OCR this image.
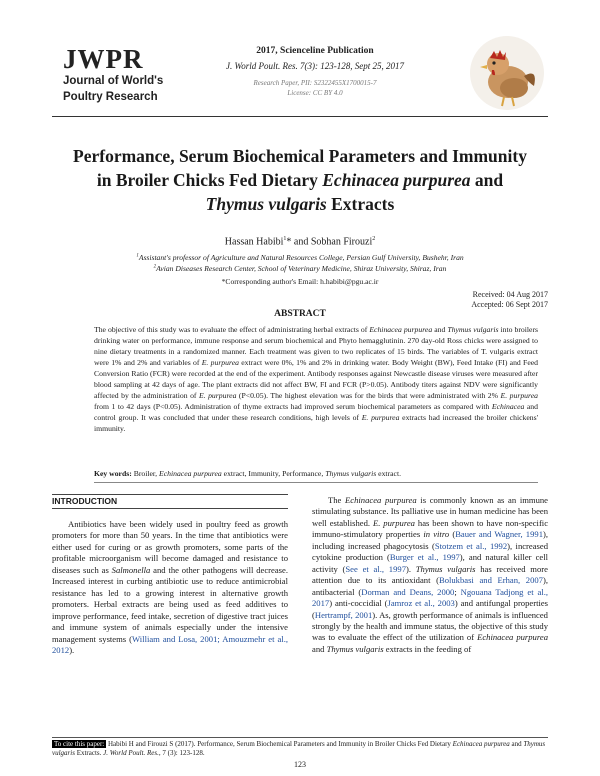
JWPR
Journal of World's
Poultry Research
2017, Scienceline Publication
J. World Poult. Res. 7(3): 123-128, Sept 25, 2017
Research Paper, PII: S2322455X1700015-7
License: CC BY 4.0
Performance, Serum Biochemical Parameters and Immunity
in Broiler Chicks Fed Dietary Echinacea purpurea and
Thymus vulgaris Extracts
Hassan Habibi$^1$* and Sobhan Firouzi$^2$
$^1$Assistant's professor of Agriculture and Natural Resources College, Persian Gulf University, Bushehr, Iran
$^2$Avian Diseases Research Center, School of Veterinary Medicine, Shiraz University, Shiraz, Iran
*Corresponding author's Email: h.habibi@pgu.ac.ir
Received: 04 Aug 2017
Accepted: 06 Sept 2017
ABSTRACT
The objective of this study was to evaluate the effect of administrating herbal extracts of Echinacea purpurea and Thymus vulgaris into broilers drinking water on performance, immune response and serum biochemical and Phyto hemagglutinin. 270 day-old Ross chicks were assigned to nine dietary treatments in a randomized manner. Each treatment was given to two replicates of 15 birds. The variables of T. vulgaris extract were 1% and 2% and variables of E. purpurea extract were 0%, 1% and 2% in drinking water. Body Weight (BW), Feed Intake (FI) and Feed Conversion Ratio (FCR) were recorded at the end of the experiment. Antibody responses against Newcastle disease viruses were measured after blood sampling at 42 days of age. The plant extracts did not affect BW, FI and FCR (P>0.05). Antibody titers against NDV were significantly affected by the administration of E. purpurea (P<0.05). The highest elevation was for the birds that were administrated with 2% E. purpurea from 1 to 42 days (P<0.05). Administration of thyme extracts had improved serum biochemical parameters as compared with Echinacea and control group. It was concluded that under these research conditions, high levels of E. purpurea extracts had increased the broiler chickens' immunity.
Key words: Broiler, Echinacea purpurea extract, Immunity, Performance, Thymus vulgaris extract.
INTRODUCTION
Antibiotics have been widely used in poultry feed as growth promoters for more than 50 years. In the time that antibiotics were either used for curing or as growth promoters, some parts of the profitable microorganism will become damaged and resistance to diseases such as Salmonella and the other pathogens will decrease. Increased interest in curbing antibiotic use to reduce antimicrobial resistance has led to a growing interest in alternative growth promoters. Herbal extracts are being used as feed additives to improve performance, feed intake, secretion of digestive tract juices and immune system of animals especially under the intensive management systems (William and Losa, 2001; Amouzmehr et al., 2012).
The Echinacea purpurea is commonly known as an immune stimulating substance. Its palliative use in human medicine has been well established. E. purpurea has been shown to have non-specific immuno-stimulatory properties in vitro (Bauer and Wagner, 1991), including increased phagocytosis (Stotzem et al., 1992), increased cytokine production (Burger et al., 1997), and natural killer cell activity (See et al., 1997). Thymus vulgaris has received more attention due to its antioxidant (Bolukbasi and Erhan, 2007), antibacterial (Dorman and Deans, 2000; Ngouana Tadjong et al., 2017) anti-coccidial (Jamroz et al., 2003) and antifungal properties (Hertrampf, 2001). As, growth performance of animals is influenced strongly by the health and immune status, the objective of this study was to evaluate the effect of the utilization of Echinacea purpurea and Thymus vulgaris extracts in the feeding of
To cite this paper: Habibi H and Firouzi S (2017). Performance, Serum Biochemical Parameters and Immunity in Broiler Chicks Fed Dietary Echinacea purpurea and Thymus vulgaris Extracts. J. World Poult. Res., 7 (3): 123-128.
123
